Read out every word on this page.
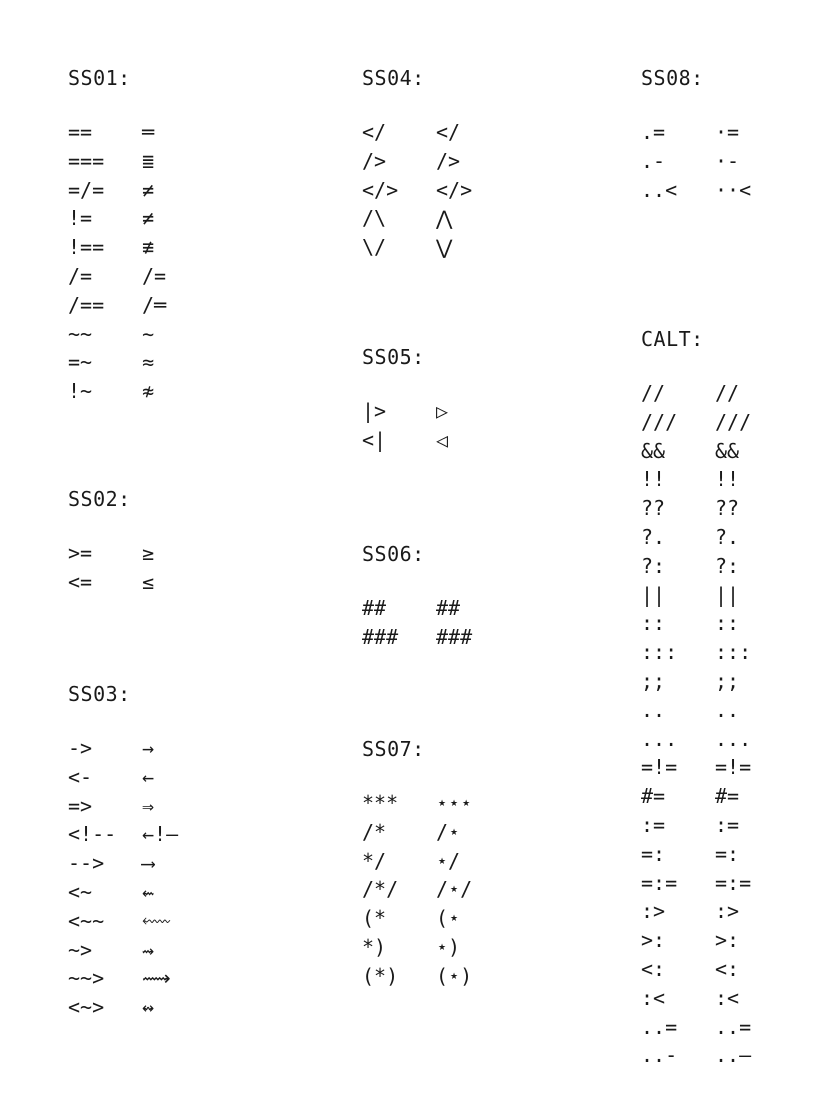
SS01:
== ═
=== ≣
=/= ≠
!= ≠
!== ≢
/= /=
/== /═
~~ ∼
=~ ≈
!~ ≉
SS02:
>= ≥
<= ≤
SS03:
-> →
<- ←
=> ⇒
<!-- ←!—
--> ⟶
<~ ⇜
<~~ ⬳
~> ⇝
~~> ⟿
<~> ↭
SS04:
</ </
/> />
</> </>
/\ ⋀
\/ ⋁
SS05:
|> ▷
<| ◁
SS06:
## ##
### ###
SS07:
*** ⋆⋆⋆
/* /⋆
*/ ⋆/
/*/ /⋆/
(* (⋆
*) ⋆)
(*) (⋆)
SS08:
.= ·=
.- ·-
..< ··<
CALT:
// //
/// ///
&& &&
!! !!
?? ??
?. ?.
?: ?:
|| ||
:: ::
::: :::
;; ;;
.. ..
... ...
=!= =!=
#= #=
:= :=
=: =:
=:= =:=
:> :>
>: >:
<: <:
:< :<
..= ..=
..- ..–
